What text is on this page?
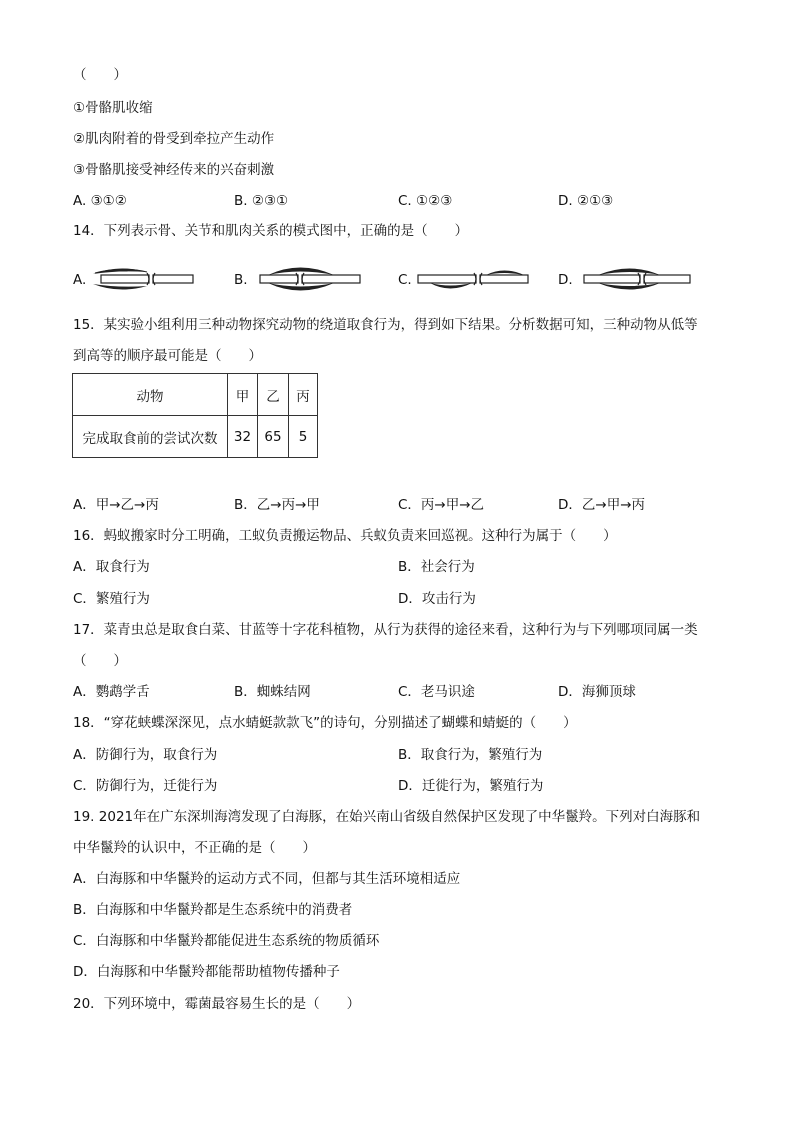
（　　）
①骨骼肌收缩
②肌肉附着的骨受到牵拉产生动作
③骨骼肌接受神经传来的兴奋刺激
A. ③①②	B. ②③①	C. ①②③	D. ②①③
14．下列表示骨、关节和肌肉关系的模式图中，正确的是（　　）
A.	B.	C.	D.
15．某实验小组利用三种动物探究动物的绕道取食行为，得到如下结果。分析数据可知，三种动物从低等
到高等的顺序最可能是（　　）
动物	甲	乙	丙
完成取食前的尝试次数	32	65	5
A．甲→乙→丙	B．乙→丙→甲	C．丙→甲→乙	D．乙→甲→丙
16．蚂蚁搬家时分工明确，工蚁负责搬运物品、兵蚁负责来回巡视。这种行为属于（　　）
A．取食行为	B．社会行为
C．繁殖行为	D．攻击行为
17．菜青虫总是取食白菜、甘蓝等十字花科植物，从行为获得的途径来看，这种行为与下列哪项同属一类
（　　）
A．鹦鹉学舌	B．蜘蛛结网	C．老马识途	D．海狮顶球
18．“穿花蛱蝶深深见，点水蜻蜓款款飞”的诗句，分别描述了蝴蝶和蜻蜓的（　　）
A．防御行为，取食行为	B．取食行为，繁殖行为
C．防御行为，迁徙行为	D．迁徙行为，繁殖行为
19. 2021年在广东深圳海湾发现了白海豚，在始兴南山省级自然保护区发现了中华鬣羚。下列对白海豚和
中华鬣羚的认识中，不正确的是（　　）
A．白海豚和中华鬣羚的运动方式不同，但都与其生活环境相适应
B．白海豚和中华鬣羚都是生态系统中的消费者
C．白海豚和中华鬣羚都能促进生态系统的物质循环
D．白海豚和中华鬣羚都能帮助植物传播种子
20．下列环境中，霉菌最容易生长的是（　　）
